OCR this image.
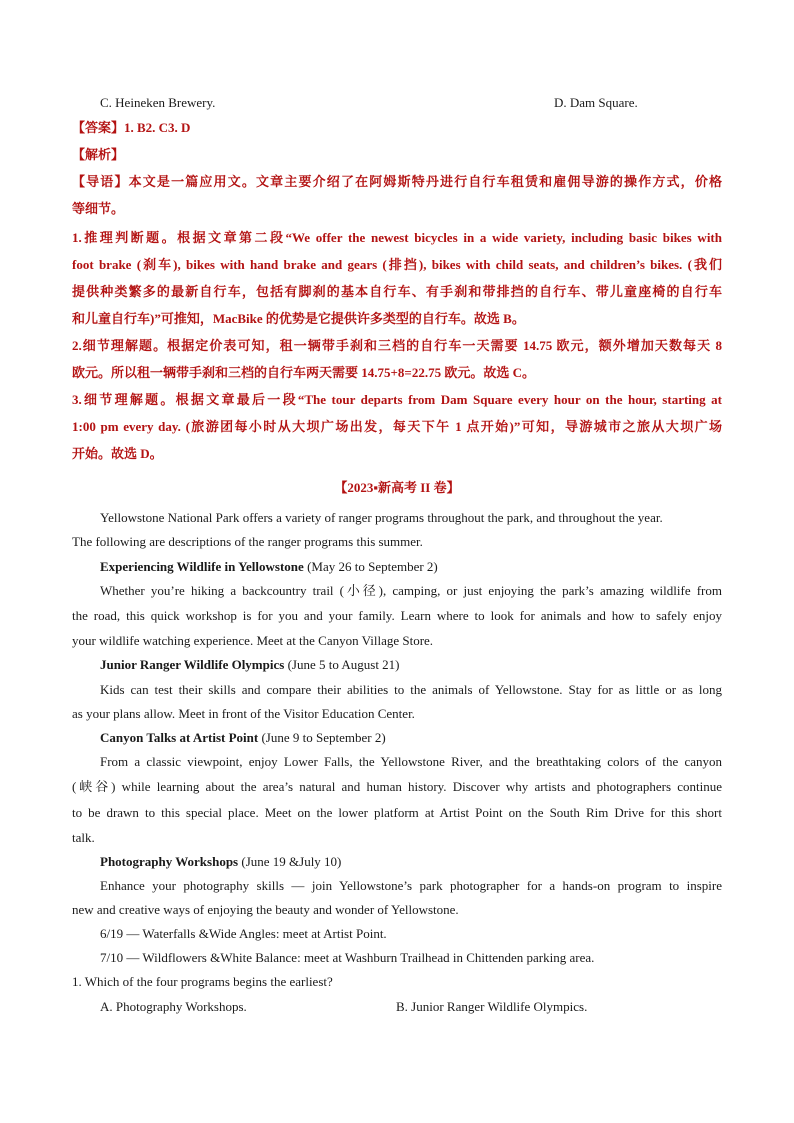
C. Heineken Brewery.	D. Dam Square.
【答案】1. B2. C3. D
【解析】
【导语】本文是一篇应用文。文章主要介绍了在阿姆斯特丹进行自行车租赁和雇佣导游的操作方式，价格
等细节。
1.推理判断题。根据文章第二段“We offer the newest bicycles in a wide variety, including basic bikes with
foot brake (刹车), bikes with hand brake and gears (排挡), bikes with child seats, and children’s bikes. (我们
提供种类繁多的最新自行车，包括有脚刹的基本自行车、有手刹和带排挡的自行车、带儿童座椅的自行车
和儿童自行车)”可推知，MacBike 的优势是它提供许多类型的自行车。故选 B。
2.细节理解题。根据定价表可知，租一辆带手刹和三档的自行车一天需要 14.75 欧元，额外增加天数每天 8
欧元。所以租一辆带手刹和三档的自行车两天需要 14.75+8=22.75 欧元。故选 C。
3.细节理解题。根据文章最后一段“The tour departs from Dam Square every hour on the hour, starting at
1:00 pm every day. (旅游团每小时从大坝广场出发，每天下午 1 点开始)”可知，导游城市之旅从大坝广场
开始。故选 D。
【2023▪新高考 II 卷】
Yellowstone National Park offers a variety of ranger programs throughout the park, and throughout the year.
The following are descriptions of the ranger programs this summer.
Experiencing Wildlife in Yellowstone (May 26 to September 2)
Whether you’re hiking a backcountry trail (小径), camping, or just enjoying the park’s amazing wildlife from
the road, this quick workshop is for you and your family. Learn where to look for animals and how to safely enjoy
your wildlife watching experience. Meet at the Canyon Village Store.
Junior Ranger Wildlife Olympics (June 5 to August 21)
Kids can test their skills and compare their abilities to the animals of Yellowstone. Stay for as little or as long
as your plans allow. Meet in front of the Visitor Education Center.
Canyon Talks at Artist Point (June 9 to September 2)
From a classic viewpoint, enjoy Lower Falls, the Yellowstone River, and the breathtaking colors of the canyon
(峡谷) while learning about the area’s natural and human history. Discover why artists and photographers continue
to be drawn to this special place. Meet on the lower platform at Artist Point on the South Rim Drive for this short
talk.
Photography Workshops (June 19 &July 10)
Enhance your photography skills — join Yellowstone’s park photographer for a hands-on program to inspire
new and creative ways of enjoying the beauty and wonder of Yellowstone.
6/19 — Waterfalls &Wide Angles: meet at Artist Point.
7/10 — Wildflowers &White Balance: meet at Washburn Trailhead in Chittenden parking area.
1. Which of the four programs begins the earliest?
A. Photography Workshops.	B. Junior Ranger Wildlife Olympics.
